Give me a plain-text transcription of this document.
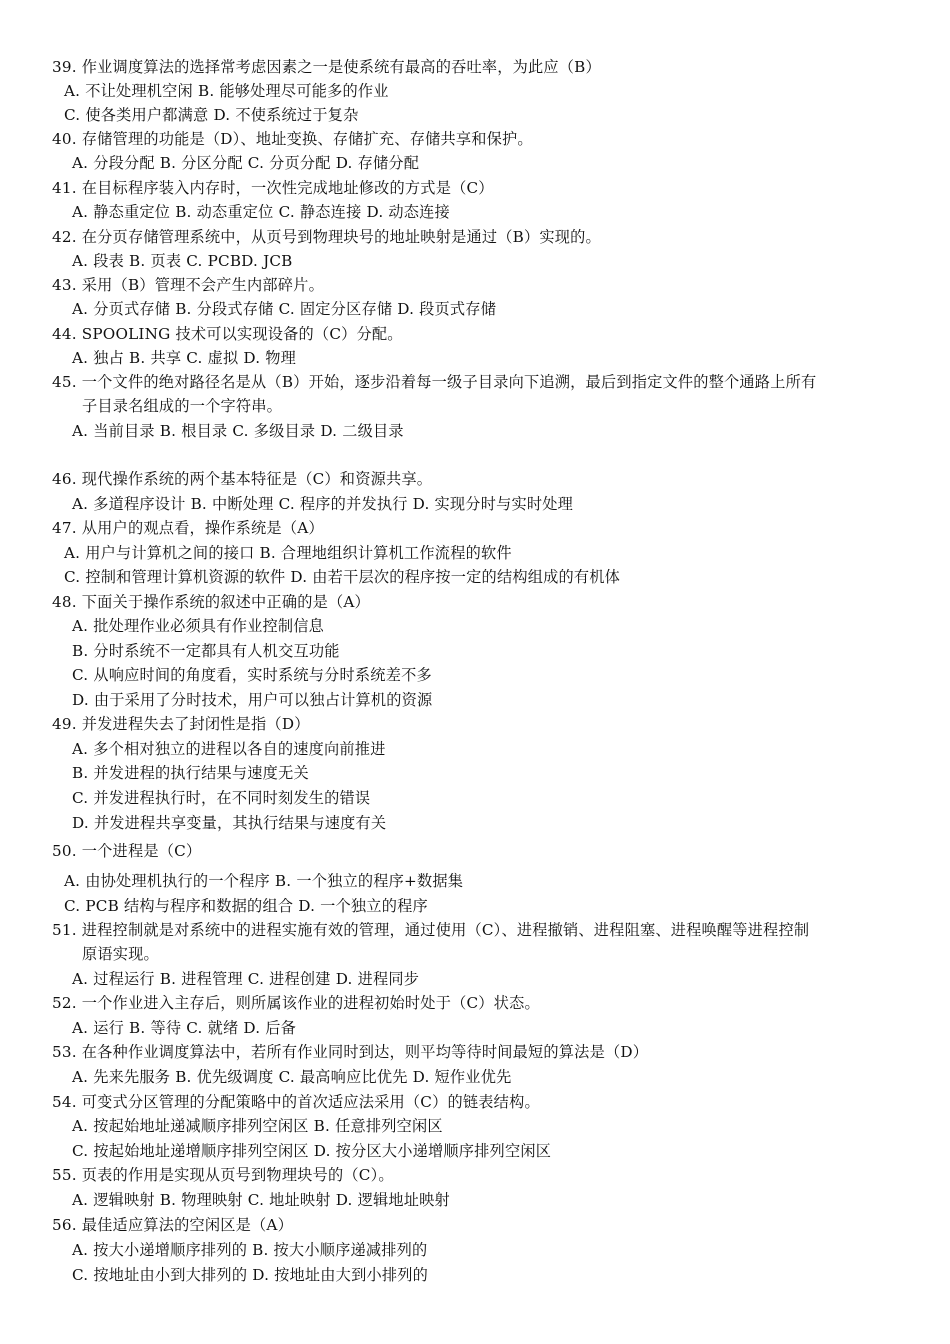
39. 作业调度算法的选择常考虑因素之一是使系统有最高的吞吐率，为此应（B）
A. 不让处理机空闲 B. 能够处理尽可能多的作业
C. 使各类用户都满意 D. 不使系统过于复杂
40. 存储管理的功能是（D）、地址变换、存储扩充、存储共享和保护。
A. 分段分配 B. 分区分配 C. 分页分配 D. 存储分配
41. 在目标程序装入内存时，一次性完成地址修改的方式是（C）
A. 静态重定位 B. 动态重定位 C. 静态连接 D. 动态连接
42. 在分页存储管理系统中，从页号到物理块号的地址映射是通过（B）实现的。
A. 段表 B. 页表 C. PCBD. JCB
43. 采用（B）管理不会产生内部碎片。
A. 分页式存储 B. 分段式存储 C. 固定分区存储 D. 段页式存储
44. SPOOLING 技术可以实现设备的（C）分配。
A. 独占 B. 共享 C. 虚拟 D. 物理
45. 一个文件的绝对路径名是从（B）开始，逐步沿着每一级子目录向下追溯，最后到指定文件的整个通路上所有
子目录名组成的一个字符串。
A. 当前目录 B. 根目录 C. 多级目录 D. 二级目录
46. 现代操作系统的两个基本特征是（C）和资源共享。
A. 多道程序设计 B. 中断处理 C. 程序的并发执行 D. 实现分时与实时处理
47. 从用户的观点看，操作系统是（A）
A. 用户与计算机之间的接口 B. 合理地组织计算机工作流程的软件
C. 控制和管理计算机资源的软件 D. 由若干层次的程序按一定的结构组成的有机体
48. 下面关于操作系统的叙述中正确的是（A）
A. 批处理作业必须具有作业控制信息
B. 分时系统不一定都具有人机交互功能
C. 从响应时间的角度看，实时系统与分时系统差不多
D. 由于采用了分时技术，用户可以独占计算机的资源
49. 并发进程失去了封闭性是指（D）
A. 多个相对独立的进程以各自的速度向前推进
B. 并发进程的执行结果与速度无关
C. 并发进程执行时，在不同时刻发生的错误
D. 并发进程共享变量，其执行结果与速度有关
50. 一个进程是（C）
A. 由协处理机执行的一个程序 B. 一个独立的程序+数据集
C. PCB 结构与程序和数据的组合 D. 一个独立的程序
51. 进程控制就是对系统中的进程实施有效的管理，通过使用（C）、进程撤销、进程阻塞、进程唤醒等进程控制
原语实现。
A. 过程运行 B. 进程管理 C. 进程创建 D. 进程同步
52. 一个作业进入主存后，则所属该作业的进程初始时处于（C）状态。
A. 运行 B. 等待 C. 就绪 D. 后备
53. 在各种作业调度算法中，若所有作业同时到达，则平均等待时间最短的算法是（D）
A. 先来先服务 B. 优先级调度 C. 最高响应比优先 D. 短作业优先
54. 可变式分区管理的分配策略中的首次适应法采用（C）的链表结构。
A. 按起始地址递减顺序排列空闲区 B. 任意排列空闲区
C. 按起始地址递增顺序排列空闲区 D. 按分区大小递增顺序排列空闲区
55. 页表的作用是实现从页号到物理块号的（C）。
A. 逻辑映射 B. 物理映射 C. 地址映射 D. 逻辑地址映射
56. 最佳适应算法的空闲区是（A）
A. 按大小递增顺序排列的 B. 按大小顺序递减排列的
C. 按地址由小到大排列的 D. 按地址由大到小排列的
